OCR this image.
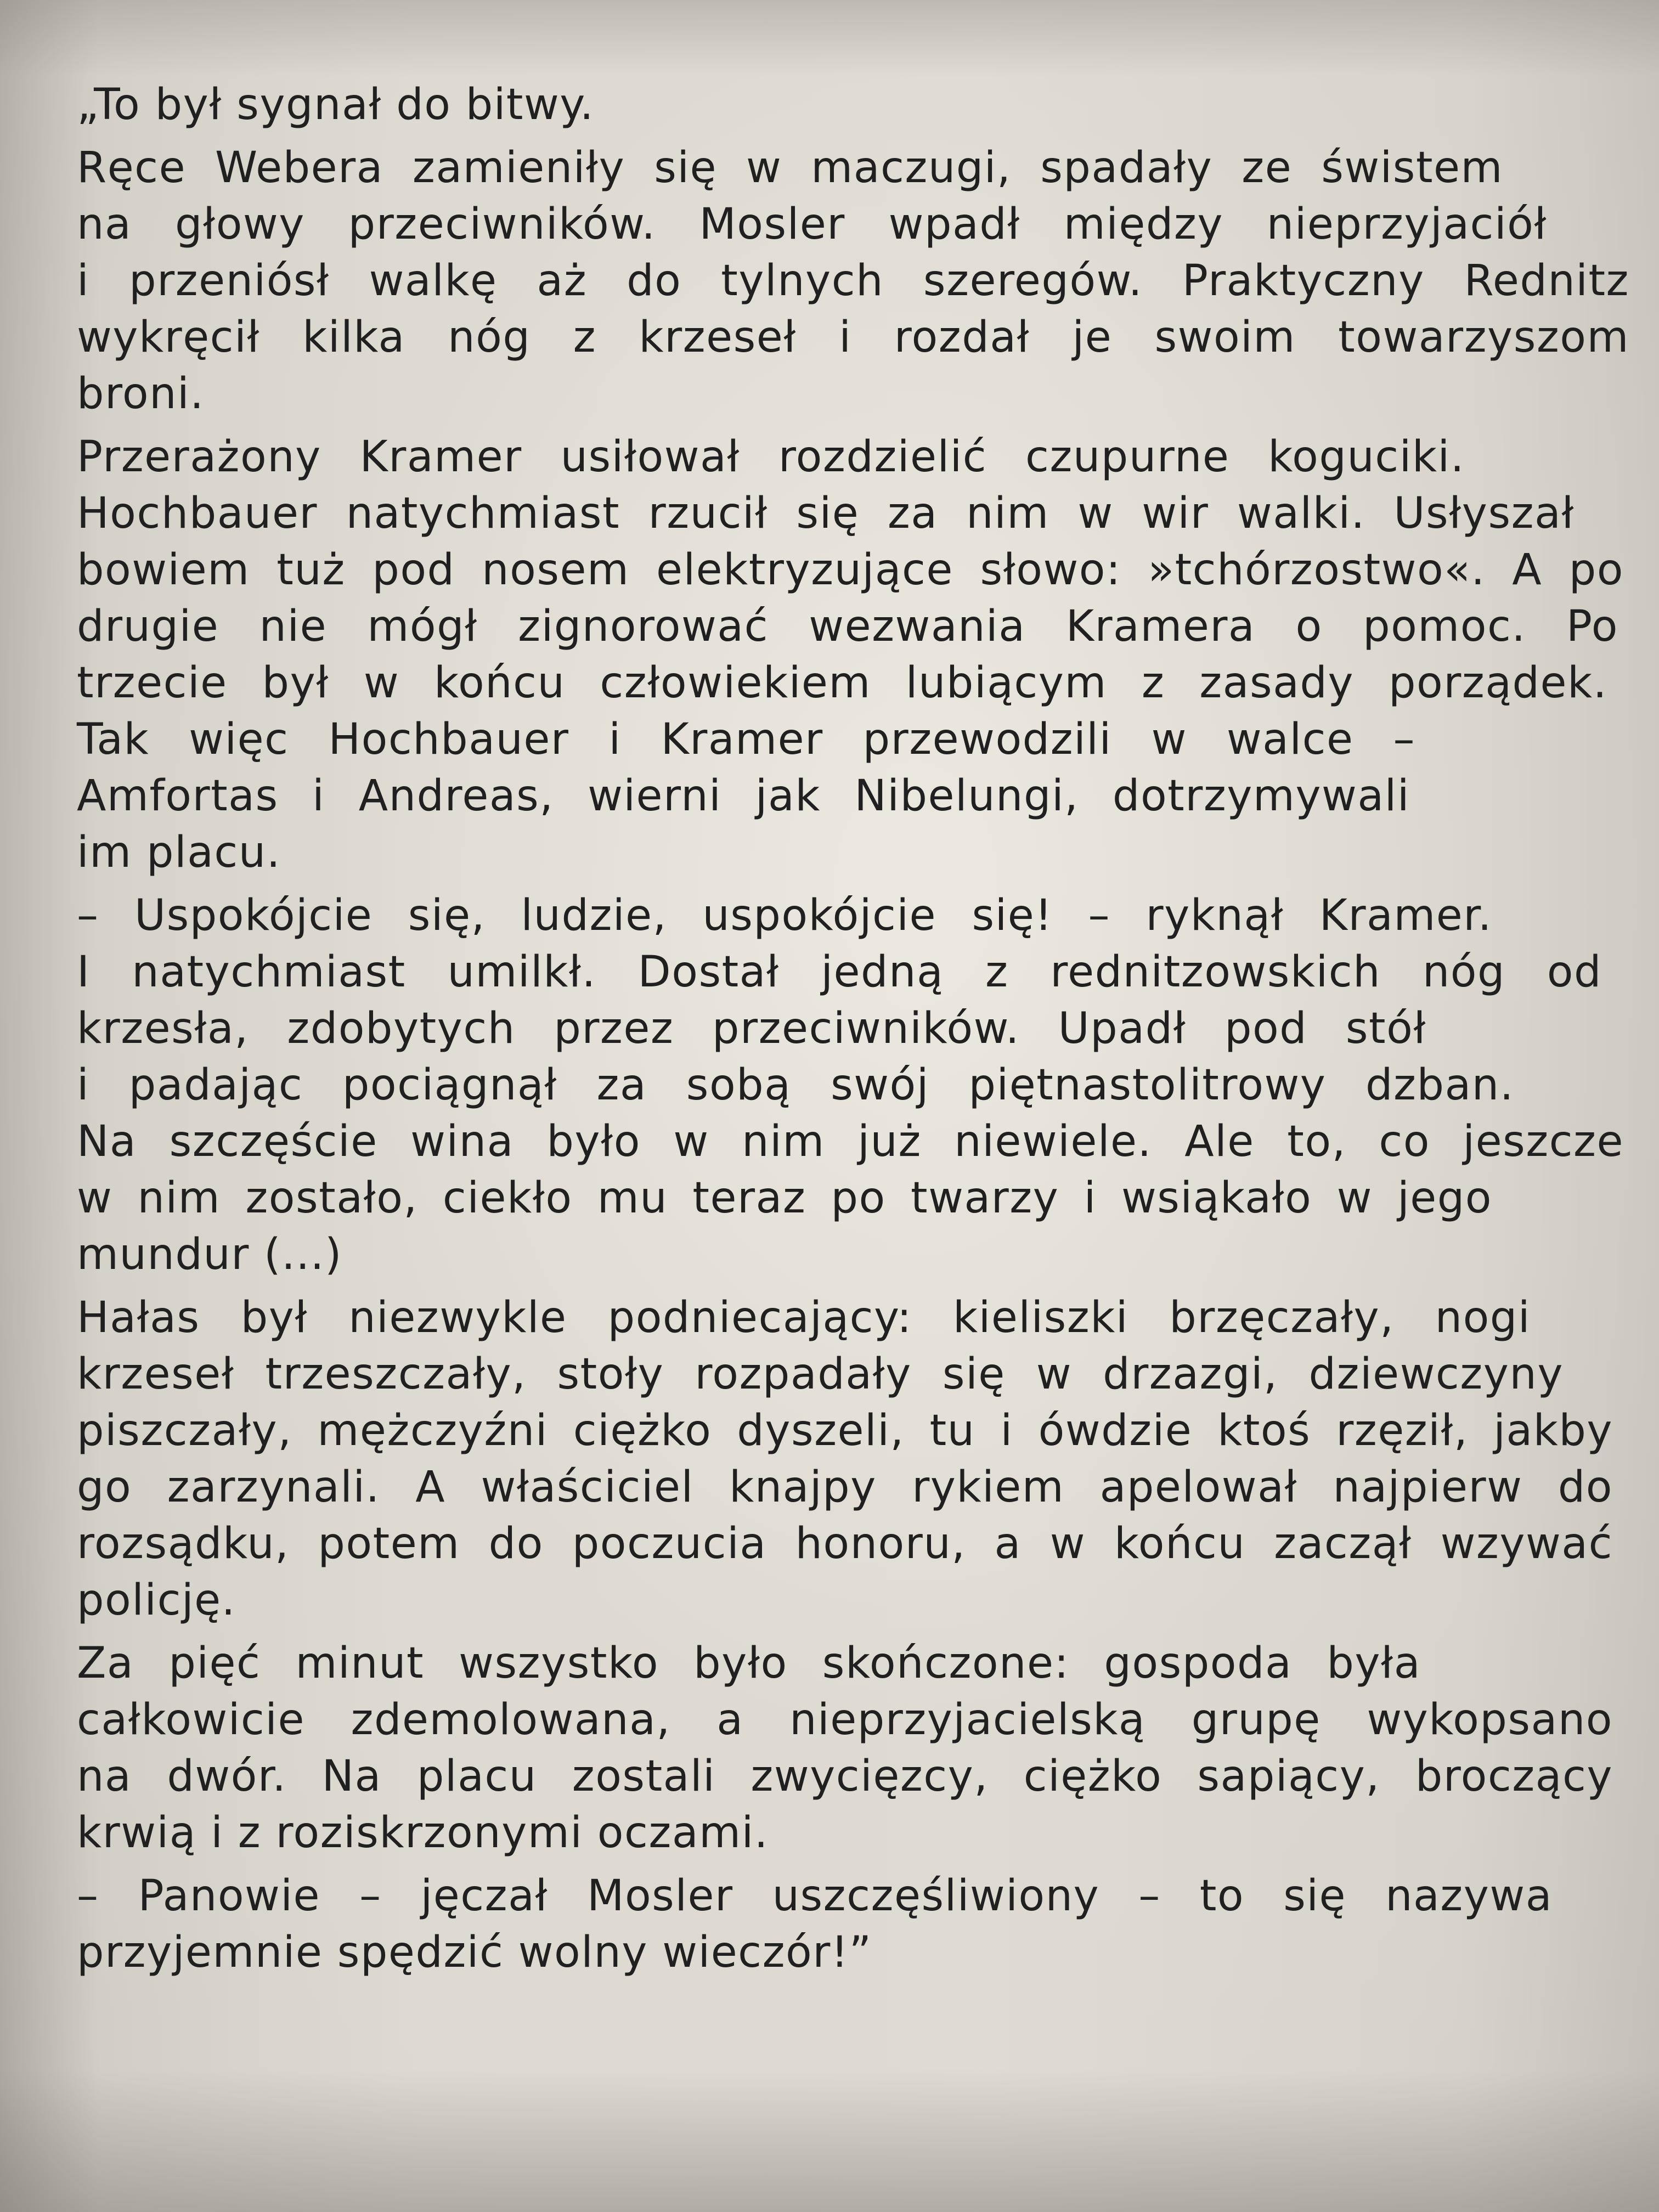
„To był sygnał do bitwy.
Ręce Webera zamieniły się w maczugi, spadały ze świstem
na głowy przeciwników. Mosler wpadł między nieprzyjaciół
i przeniósł walkę aż do tylnych szeregów. Praktyczny Rednitz
wykręcił kilka nóg z krzeseł i rozdał je swoim towarzyszom
broni.
Przerażony Kramer usiłował rozdzielić czupurne koguciki.
Hochbauer natychmiast rzucił się za nim w wir walki. Usłyszał
bowiem tuż pod nosem elektryzujące słowo: »tchórzostwo«. A po
drugie nie mógł zignorować wezwania Kramera o pomoc. Po
trzecie był w końcu człowiekiem lubiącym z zasady porządek.
Tak więc Hochbauer i Kramer przewodzili w walce –
Amfortas i Andreas, wierni jak Nibelungi, dotrzymywali
im placu.
– Uspokójcie się, ludzie, uspokójcie się! – ryknął Kramer.
I natychmiast umilkł. Dostał jedną z rednitzowskich nóg od
krzesła, zdobytych przez przeciwników. Upadł pod stół
i padając pociągnął za sobą swój piętnastolitrowy dzban.
Na szczęście wina było w nim już niewiele. Ale to, co jeszcze
w nim zostało, ciekło mu teraz po twarzy i wsiąkało w jego
mundur (...)
Hałas był niezwykle podniecający: kieliszki brzęczały, nogi
krzeseł trzeszczały, stoły rozpadały się w drzazgi, dziewczyny
piszczały, mężczyźni ciężko dyszeli, tu i ówdzie ktoś rzęził, jakby
go zarzynali. A właściciel knajpy rykiem apelował najpierw do
rozsądku, potem do poczucia honoru, a w końcu zaczął wzywać
policję.
Za pięć minut wszystko było skończone: gospoda była
całkowicie zdemolowana, a nieprzyjacielską grupę wykopsano
na dwór. Na placu zostali zwycięzcy, ciężko sapiący, broczący
krwią i z roziskrzonymi oczami.
– Panowie – jęczał Mosler uszczęśliwiony – to się nazywa
przyjemnie spędzić wolny wieczór!”
